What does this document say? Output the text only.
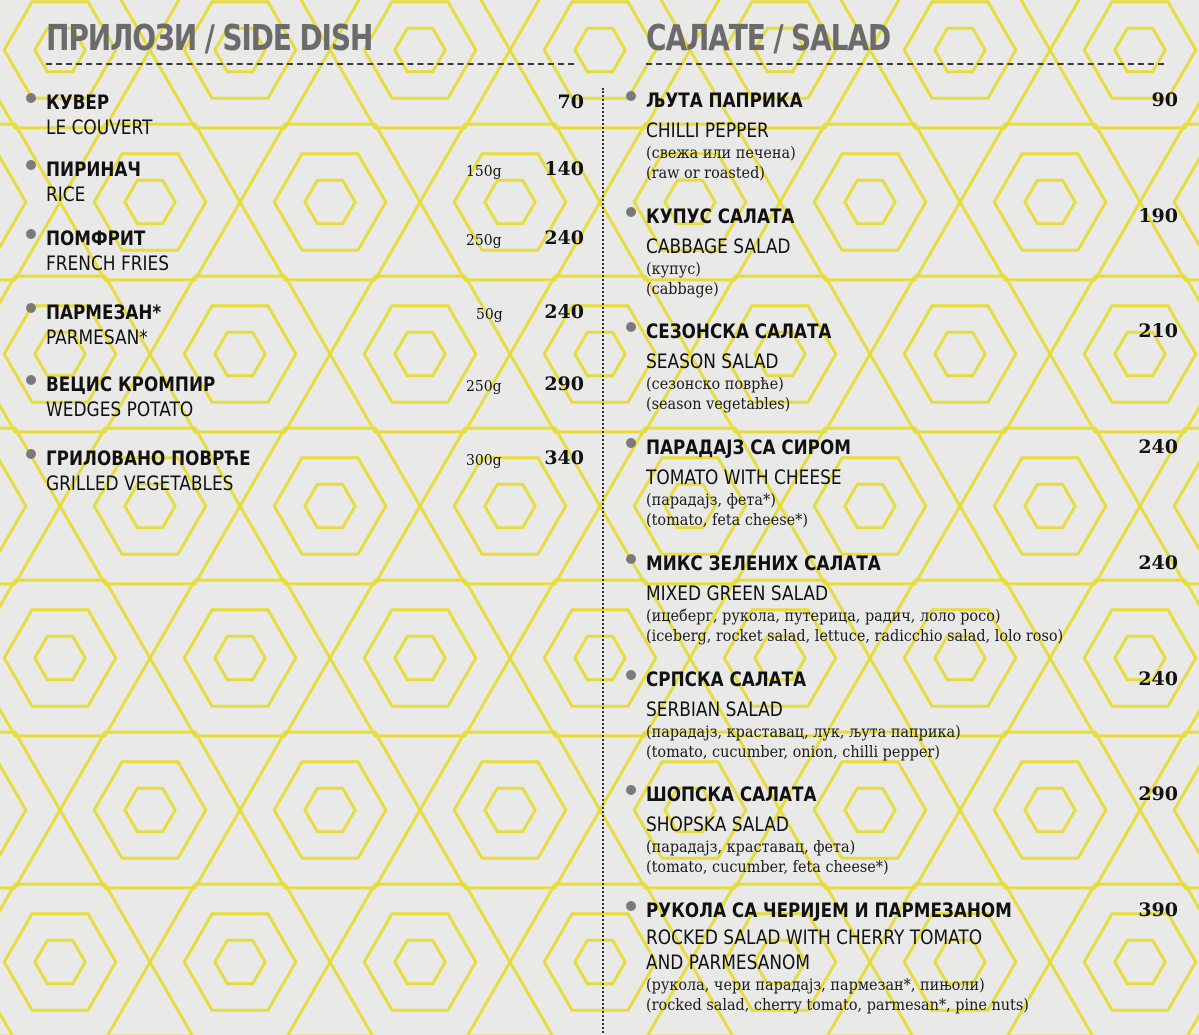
ПРИЛОЗИ / SIDE DISH	САЛАТЕ / SALAD
КУВЕР
LE COUVERT
70
ПИРИНАЧ
RICE
150g	140
ПОМФРИТ
FRENCH FRIES
250g	240
ПАРМЕЗАН*
PARMESAN*
50g	240
ВЕЦИС КРОМПИР
WEDGES POTATO
250g	290
ГРИЛОВАНО ПОВРЋЕ
GRILLED VEGETABLES
300g	340
ЉУТА ПАПРИКА
CHILLI PEPPER
(свежа или печена)
(raw or roasted)
90
КУПУС САЛАТА
CABBAGE SALAD
(купус)
(cabbage)
190
СЕЗОНСКА САЛАТА
SEASON SALAD
(сезонско поврће)
(season vegetables)
210
ПАРАДАЈЗ СА СИРОМ
TOMATO WITH CHEESE
(парадајз, фета*)
(tomato, feta cheese*)
240
МИКС ЗЕЛЕНИХ САЛАТА
MIXED GREEN SALAD
(ицеберг, рукола, путерица, радич, лоло росо)
(iceberg, rocket salad, lettuce, radicchio salad, lolo roso)
240
СРПСКА САЛАТА
SERBIAN SALAD
(парадајз, краставац, лук, љута паприка)
(tomato, cucumber, onion, chilli pepper)
240
ШОПСКА САЛАТА
SHOPSKA SALAD
(парадајз, краставац, фета)
(tomato, cucumber, feta cheese*)
290
РУКОЛА СА ЧЕРИЈЕМ И ПАРМЕЗАНОМ
ROCKED SALAD WITH CHERRY TOMATO
AND PARMESANOM
(рукола, чери парадајз, пармезан*, пињоли)
(rocked salad, cherry tomato, parmesan*, pine nuts)
390
